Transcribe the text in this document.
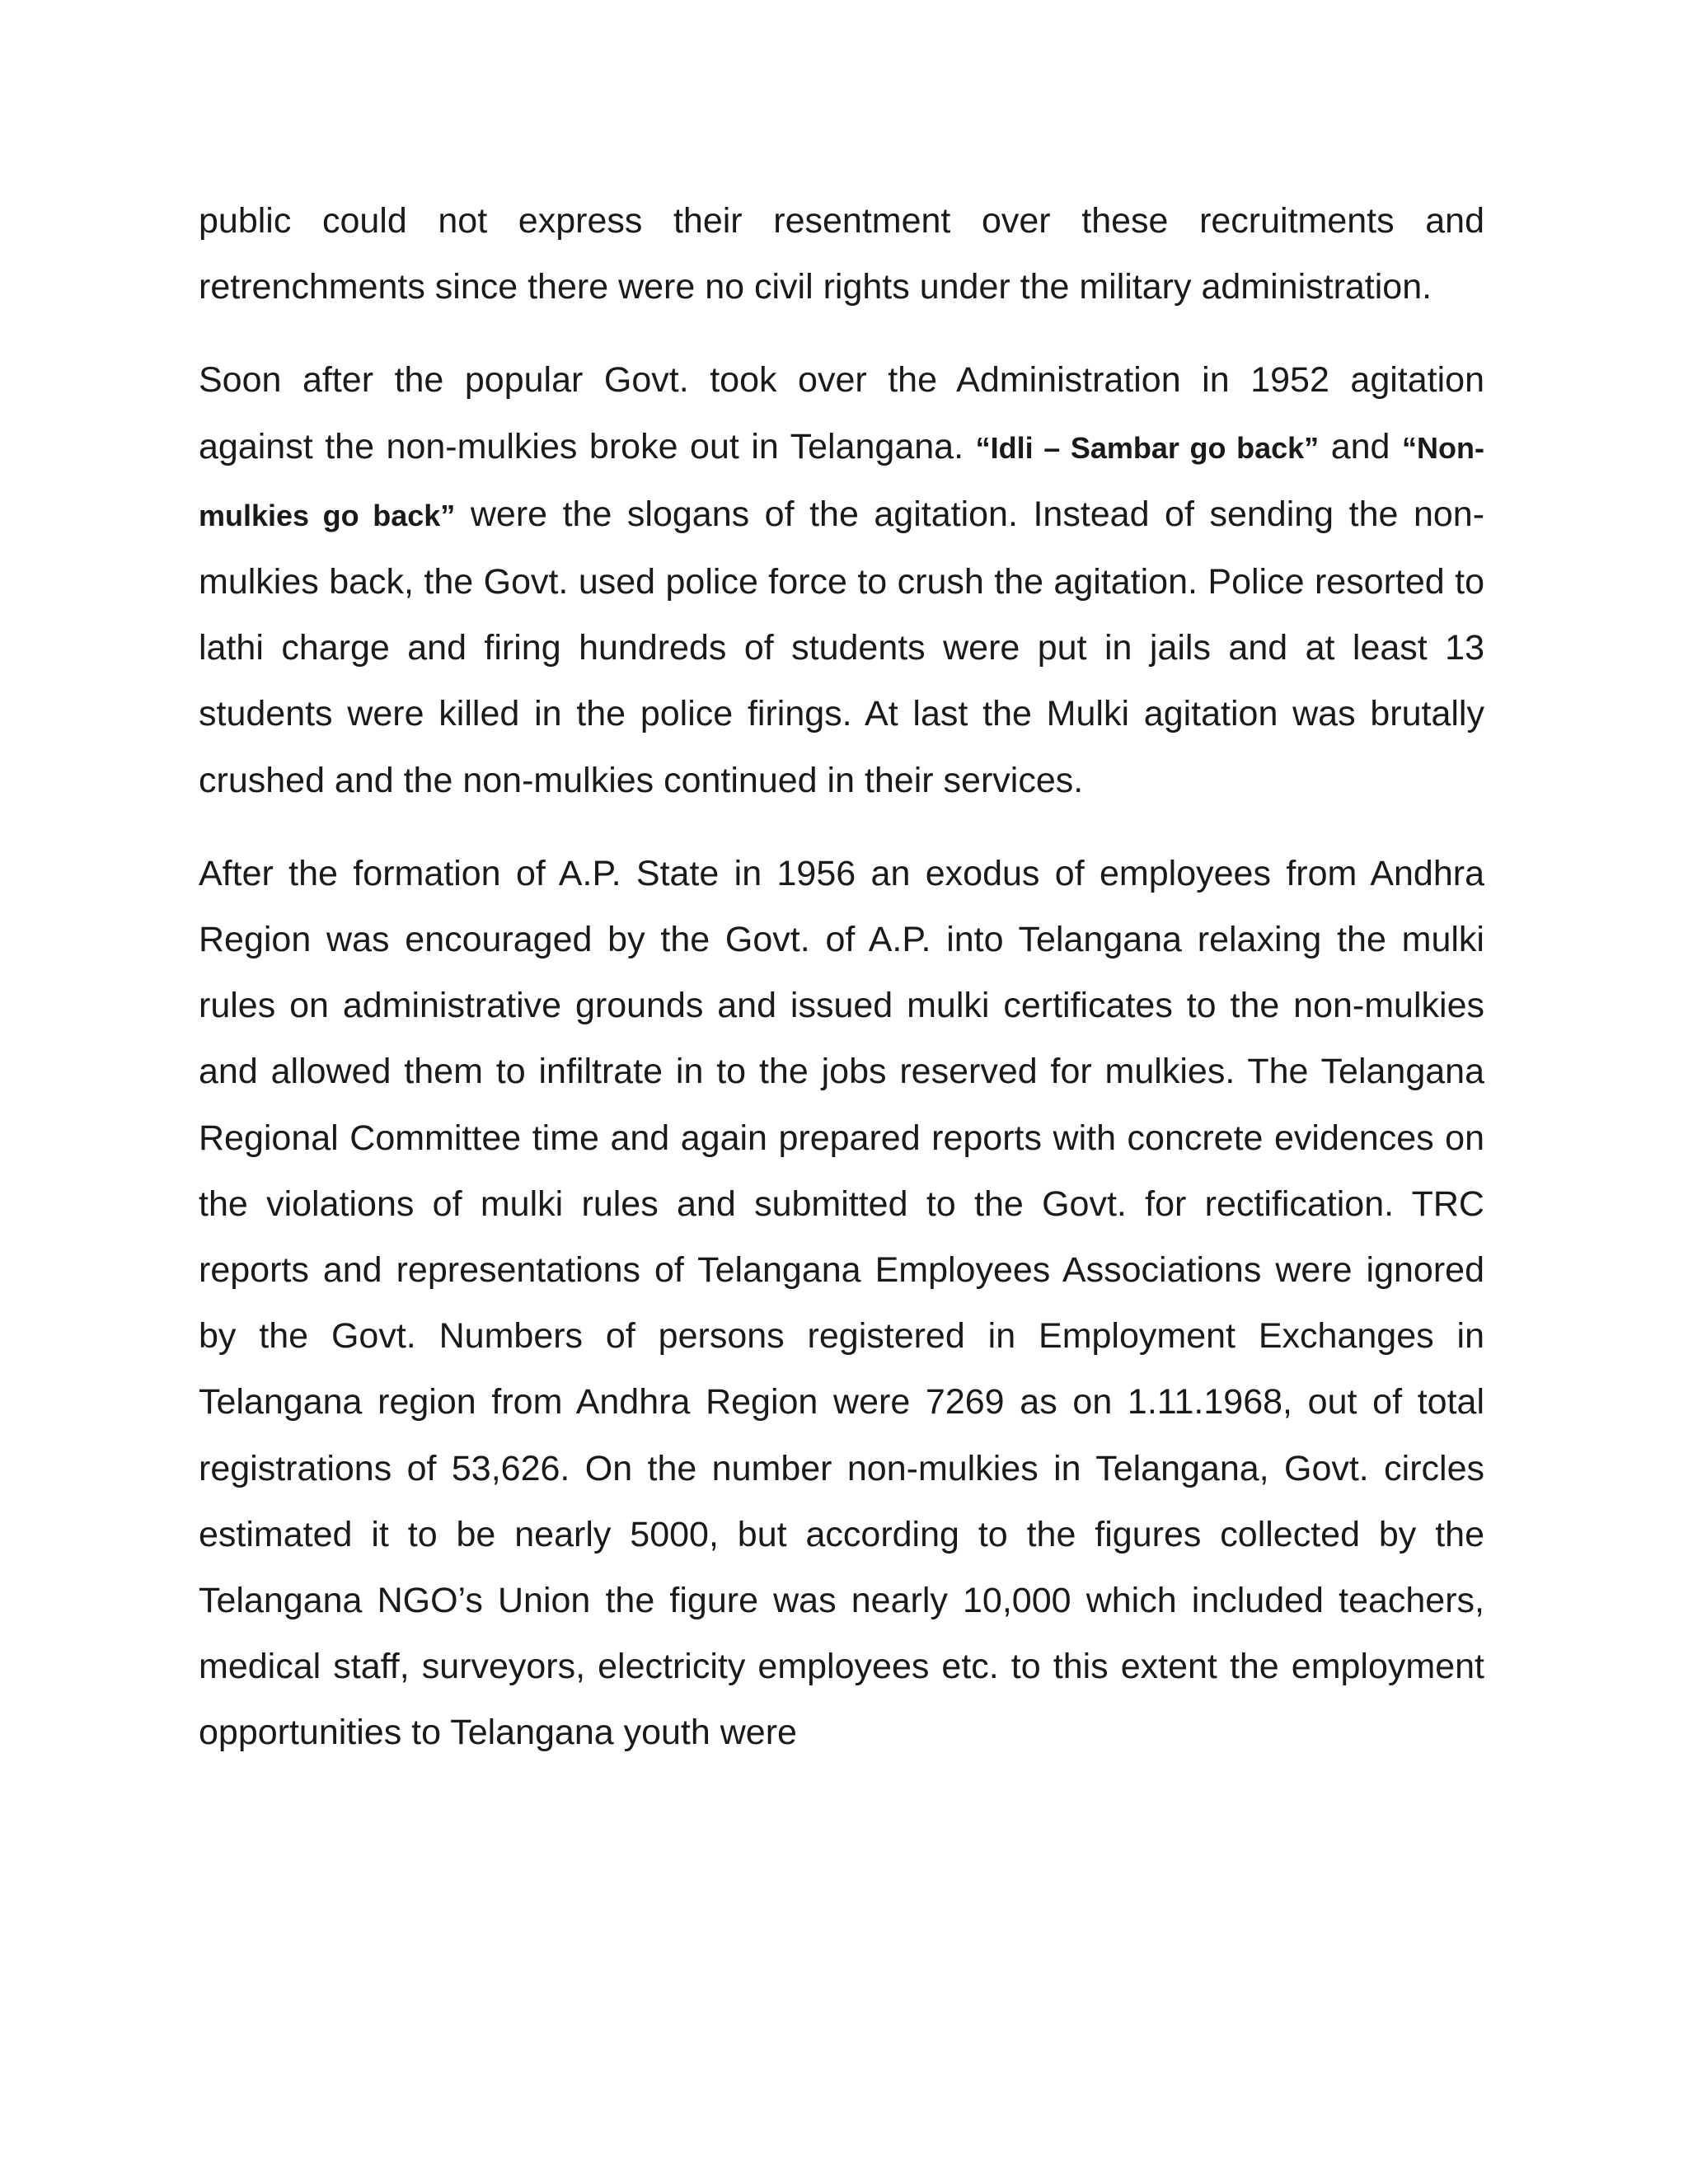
public could not express their resentment over these recruitments and retrenchments since there were no civil rights under the military administration.

Soon after the popular Govt. took over the Administration in 1952 agitation against the non-mulkies broke out in Telangana. “Idli – Sambar go back” and “Non-mulkies go back” were the slogans of the agitation. Instead of sending the non-mulkies back, the Govt. used police force to crush the agitation. Police resorted to lathi charge and firing hundreds of students were put in jails and at least 13 students were killed in the police firings. At last the Mulki agitation was brutally crushed and the non-mulkies continued in their services.

After the formation of A.P. State in 1956 an exodus of employees from Andhra Region was encouraged by the Govt. of A.P. into Telangana relaxing the mulki rules on administrative grounds and issued mulki certificates to the non-mulkies and allowed them to infiltrate in to the jobs reserved for mulkies. The Telangana Regional Committee time and again prepared reports with concrete evidences on the violations of mulki rules and submitted to the Govt. for rectification. TRC reports and representations of Telangana Employees Associations were ignored by the Govt. Numbers of persons registered in Employment Exchanges in Telangana region from Andhra Region were 7269 as on 1.11.1968, out of total registrations of 53,626. On the number non-mulkies in Telangana, Govt. circles estimated it to be nearly 5000, but according to the figures collected by the Telangana NGO’s Union the figure was nearly 10,000 which included teachers, medical staff, surveyors, electricity employees etc. to this extent the employment opportunities to Telangana youth were
